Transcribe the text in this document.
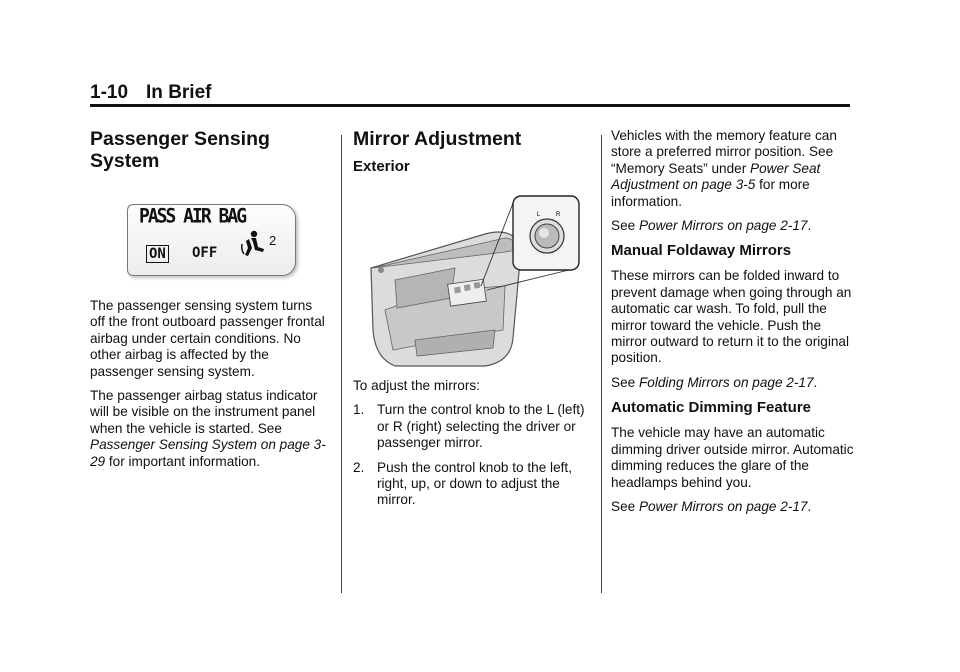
1-10 In Brief
Passenger Sensing
System
PASS AIR BAG
ON OFF
2

The passenger sensing system turns off the front outboard passenger frontal airbag under certain conditions. No other airbag is affected by the passenger sensing system.

The passenger airbag status indicator will be visible on the instrument panel when the vehicle is started. See Passenger Sensing System on page 3-29 for important information.

Mirror Adjustment
Exterior
L	R

To adjust the mirrors:

1. Turn the control knob to the L (left) or R (right) selecting the driver or passenger mirror.
2. Push the control knob to the left, right, up, or down to adjust the mirror.

Vehicles with the memory feature can store a preferred mirror position. See “Memory Seats” under Power Seat Adjustment on page 3-5 for more information.

See Power Mirrors on page 2-17.

Manual Foldaway Mirrors

These mirrors can be folded inward to prevent damage when going through an automatic car wash. To fold, pull the mirror toward the vehicle. Push the mirror outward to return it to the original position.

See Folding Mirrors on page 2-17.

Automatic Dimming Feature

The vehicle may have an automatic dimming driver outside mirror. Automatic dimming reduces the glare of the headlamps behind you.

See Power Mirrors on page 2-17.
